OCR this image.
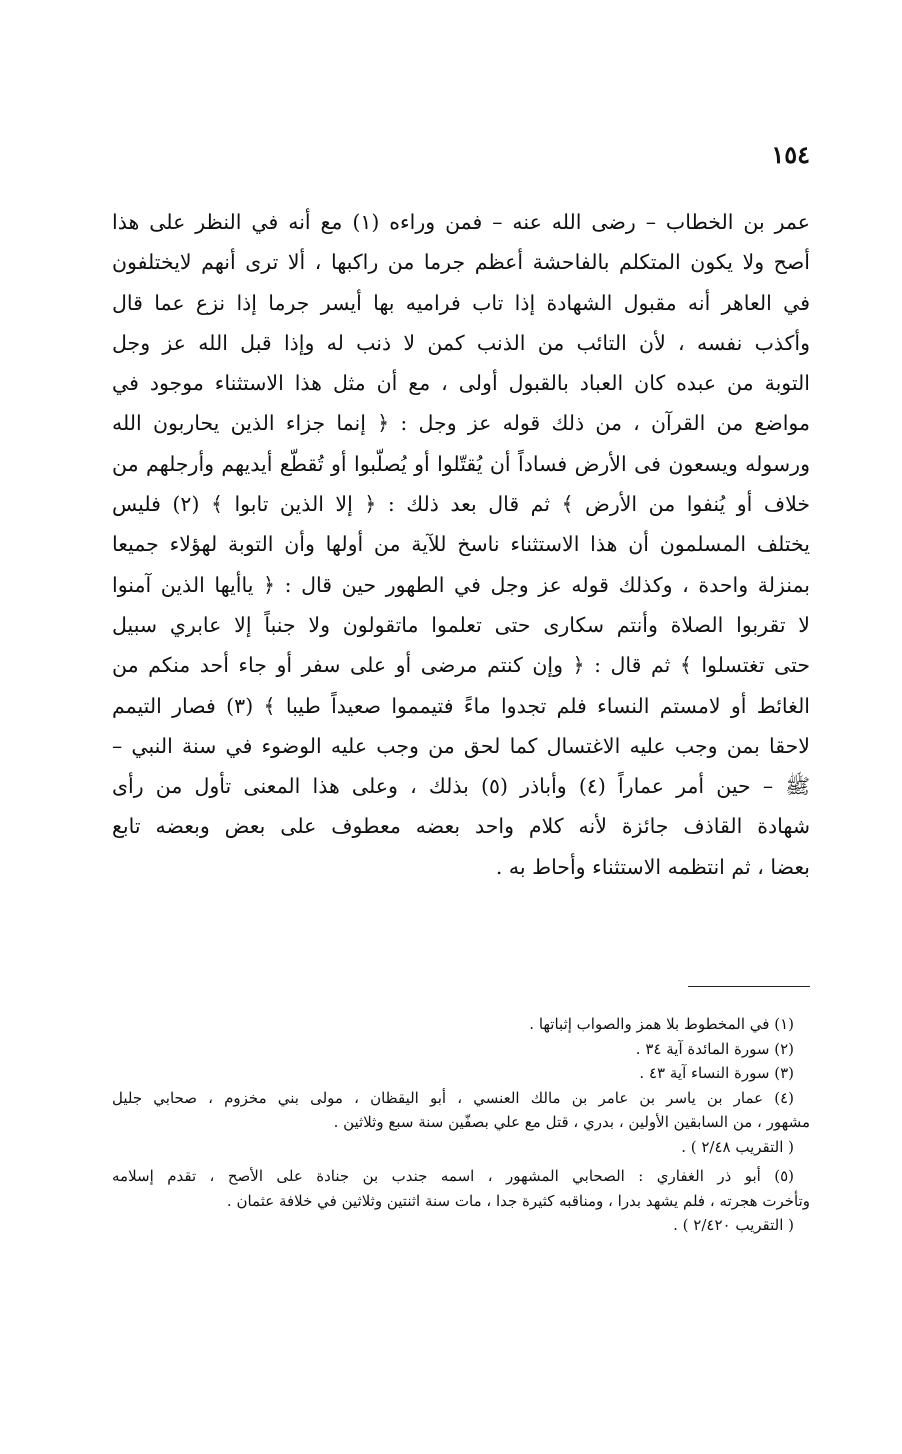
١٥٤
عمر بن الخطاب – رضى الله عنه – فمن وراءه (١) مع أنه في النظر على هذا
أصح ولا يكون المتكلم بالفاحشة أعظم جرما من راكبها ، ألا ترى أنهم لايختلفون
في العاهر أنه مقبول الشهادة إذا تاب فراميه بها أيسر جرما إذا نزع عما قال
وأكذب نفسه ، لأن التائب من الذنب كمن لا ذنب له وإذا قبل الله عز وجل
التوبة من عبده كان العباد بالقبول أولى ، مع أن مثل هذا الاستثناء موجود في
مواضع من القرآن ، من ذلك قوله عز وجل : ﴿ إنما جزاء الذين يحاربون الله
ورسوله ويسعون فى الأرض فساداً أن يُقتّلوا أو يُصلّبوا أو تُقطّع أيديهم وأرجلهم من
خلاف أو يُنفوا من الأرض ﴾ ثم قال بعد ذلك : ﴿ إلا الذين تابوا ﴾ (٢) فليس
يختلف المسلمون أن هذا الاستثناء ناسخ للآية من أولها وأن التوبة لهؤلاء جميعا
بمنزلة واحدة ، وكذلك قوله عز وجل في الطهور حين قال : ﴿ ياأيها الذين آمنوا
لا تقربوا الصلاة وأنتم سكارى حتى تعلموا ماتقولون ولا جنباً إلا عابري سبيل
حتى تغتسلوا ﴾ ثم قال : ﴿ وإن كنتم مرضى أو على سفر أو جاء أحد منكم من
الغائط أو لامستم النساء فلم تجدوا ماءً فتيمموا صعيداً طيبا ﴾ (٣) فصار التيمم
لاحقا بمن وجب عليه الاغتسال كما لحق من وجب عليه الوضوء في سنة النبي –
ﷺ – حين أمر عماراً (٤) وأباذر (٥) بذلك ، وعلى هذا المعنى تأول من رأى
شهادة القاذف جائزة لأنه كلام واحد بعضه معطوف على بعض وبعضه تابع
بعضا ، ثم انتظمه الاستثناء وأحاط به .
(١) في المخطوط بلا همز والصواب إثباتها .
(٢) سورة المائدة آية ٣٤ .
(٣) سورة النساء آية ٤٣ .
(٤) عمار بن ياسر بن عامر بن مالك العنسي ، أبو اليقظان ، مولى بني مخزوم ، صحابي جليل
مشهور ، من السابقين الأولين ، بدري ، قتل مع علي بصفّين سنة سبع وثلاثين .
( التقريب ٢/٤٨ ) .
(٥) أبو ذر الغفاري : الصحابي المشهور ، اسمه جندب بن جنادة على الأصح ، تقدم إسلامه
وتأخرت هجرته ، فلم يشهد بدرا ، ومناقبه كثيرة جدا ، مات سنة اثنتين وثلاثين في خلافة عثمان .
( التقريب ٢/٤٢٠ ) .
